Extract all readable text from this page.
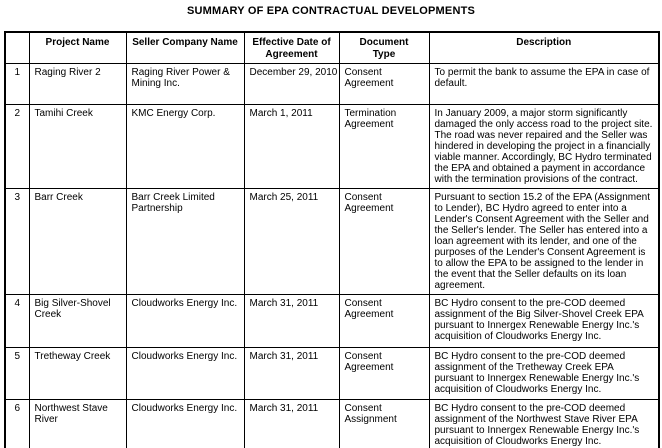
SUMMARY OF EPA CONTRACTUAL DEVELOPMENTS
	Project Name	Seller Company Name	Effective Date of Agreement	Document Type	Description
1	Raging River 2	Raging River Power & Mining Inc.	December 29, 2010	Consent Agreement	To permit the bank to assume the EPA in case of default.
2	Tamihi Creek	KMC Energy Corp.	March 1, 2011	Termination Agreement	In January 2009, a major storm significantly damaged the only access road to the project site. The road was never repaired and the Seller was hindered in developing the project in a financially viable manner. Accordingly, BC Hydro terminated the EPA and obtained a payment in accordance with the termination provisions of the contract.
3	Barr Creek	Barr Creek Limited Partnership	March 25, 2011	Consent Agreement	Pursuant to section 15.2 of the EPA (Assignment to Lender), BC Hydro agreed to enter into a Lender's Consent Agreement with the Seller and the Seller's lender. The Seller has entered into a loan agreement with its lender, and one of the purposes of the Lender's Consent Agreement is to allow the EPA to be assigned to the lender in the event that the Seller defaults on its loan agreement.
4	Big Silver-Shovel Creek	Cloudworks Energy Inc.	March 31, 2011	Consent Agreement	BC Hydro consent to the pre-COD deemed assignment of the Big Silver-Shovel Creek EPA pursuant to Innergex Renewable Energy Inc.'s acquisition of Cloudworks Energy Inc.
5	Tretheway Creek	Cloudworks Energy Inc.	March 31, 2011	Consent Agreement	BC Hydro consent to the pre-COD deemed assignment of the Tretheway Creek EPA pursuant to Innergex Renewable Energy Inc.'s acquisition of Cloudworks Energy Inc.
6	Northwest Stave River	Cloudworks Energy Inc.	March 31, 2011	Consent Assignment	BC Hydro consent to the pre-COD deemed assignment of the Northwest Stave River EPA pursuant to Innergex Renewable Energy Inc.'s acquisition of Cloudworks Energy Inc.
